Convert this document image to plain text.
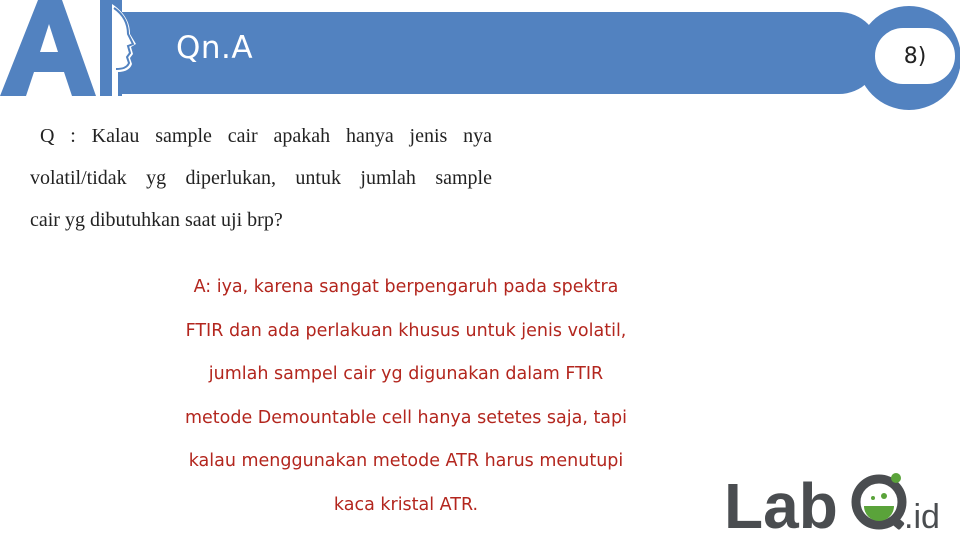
Qn.A	8)
Q : Kalau sample cair apakah hanya jenis nya
volatil/tidak yg diperlukan, untuk jumlah sample
cair yg dibutuhkan saat uji brp?
A: iya, karena sangat berpengaruh pada spektra
FTIR dan ada perlakuan khusus untuk jenis volatil,
jumlah sampel cair yg digunakan dalam FTIR
metode Demountable cell hanya setetes saja, tapi
kalau menggunakan metode ATR harus menutupi
kaca kristal ATR.	Lab .id
